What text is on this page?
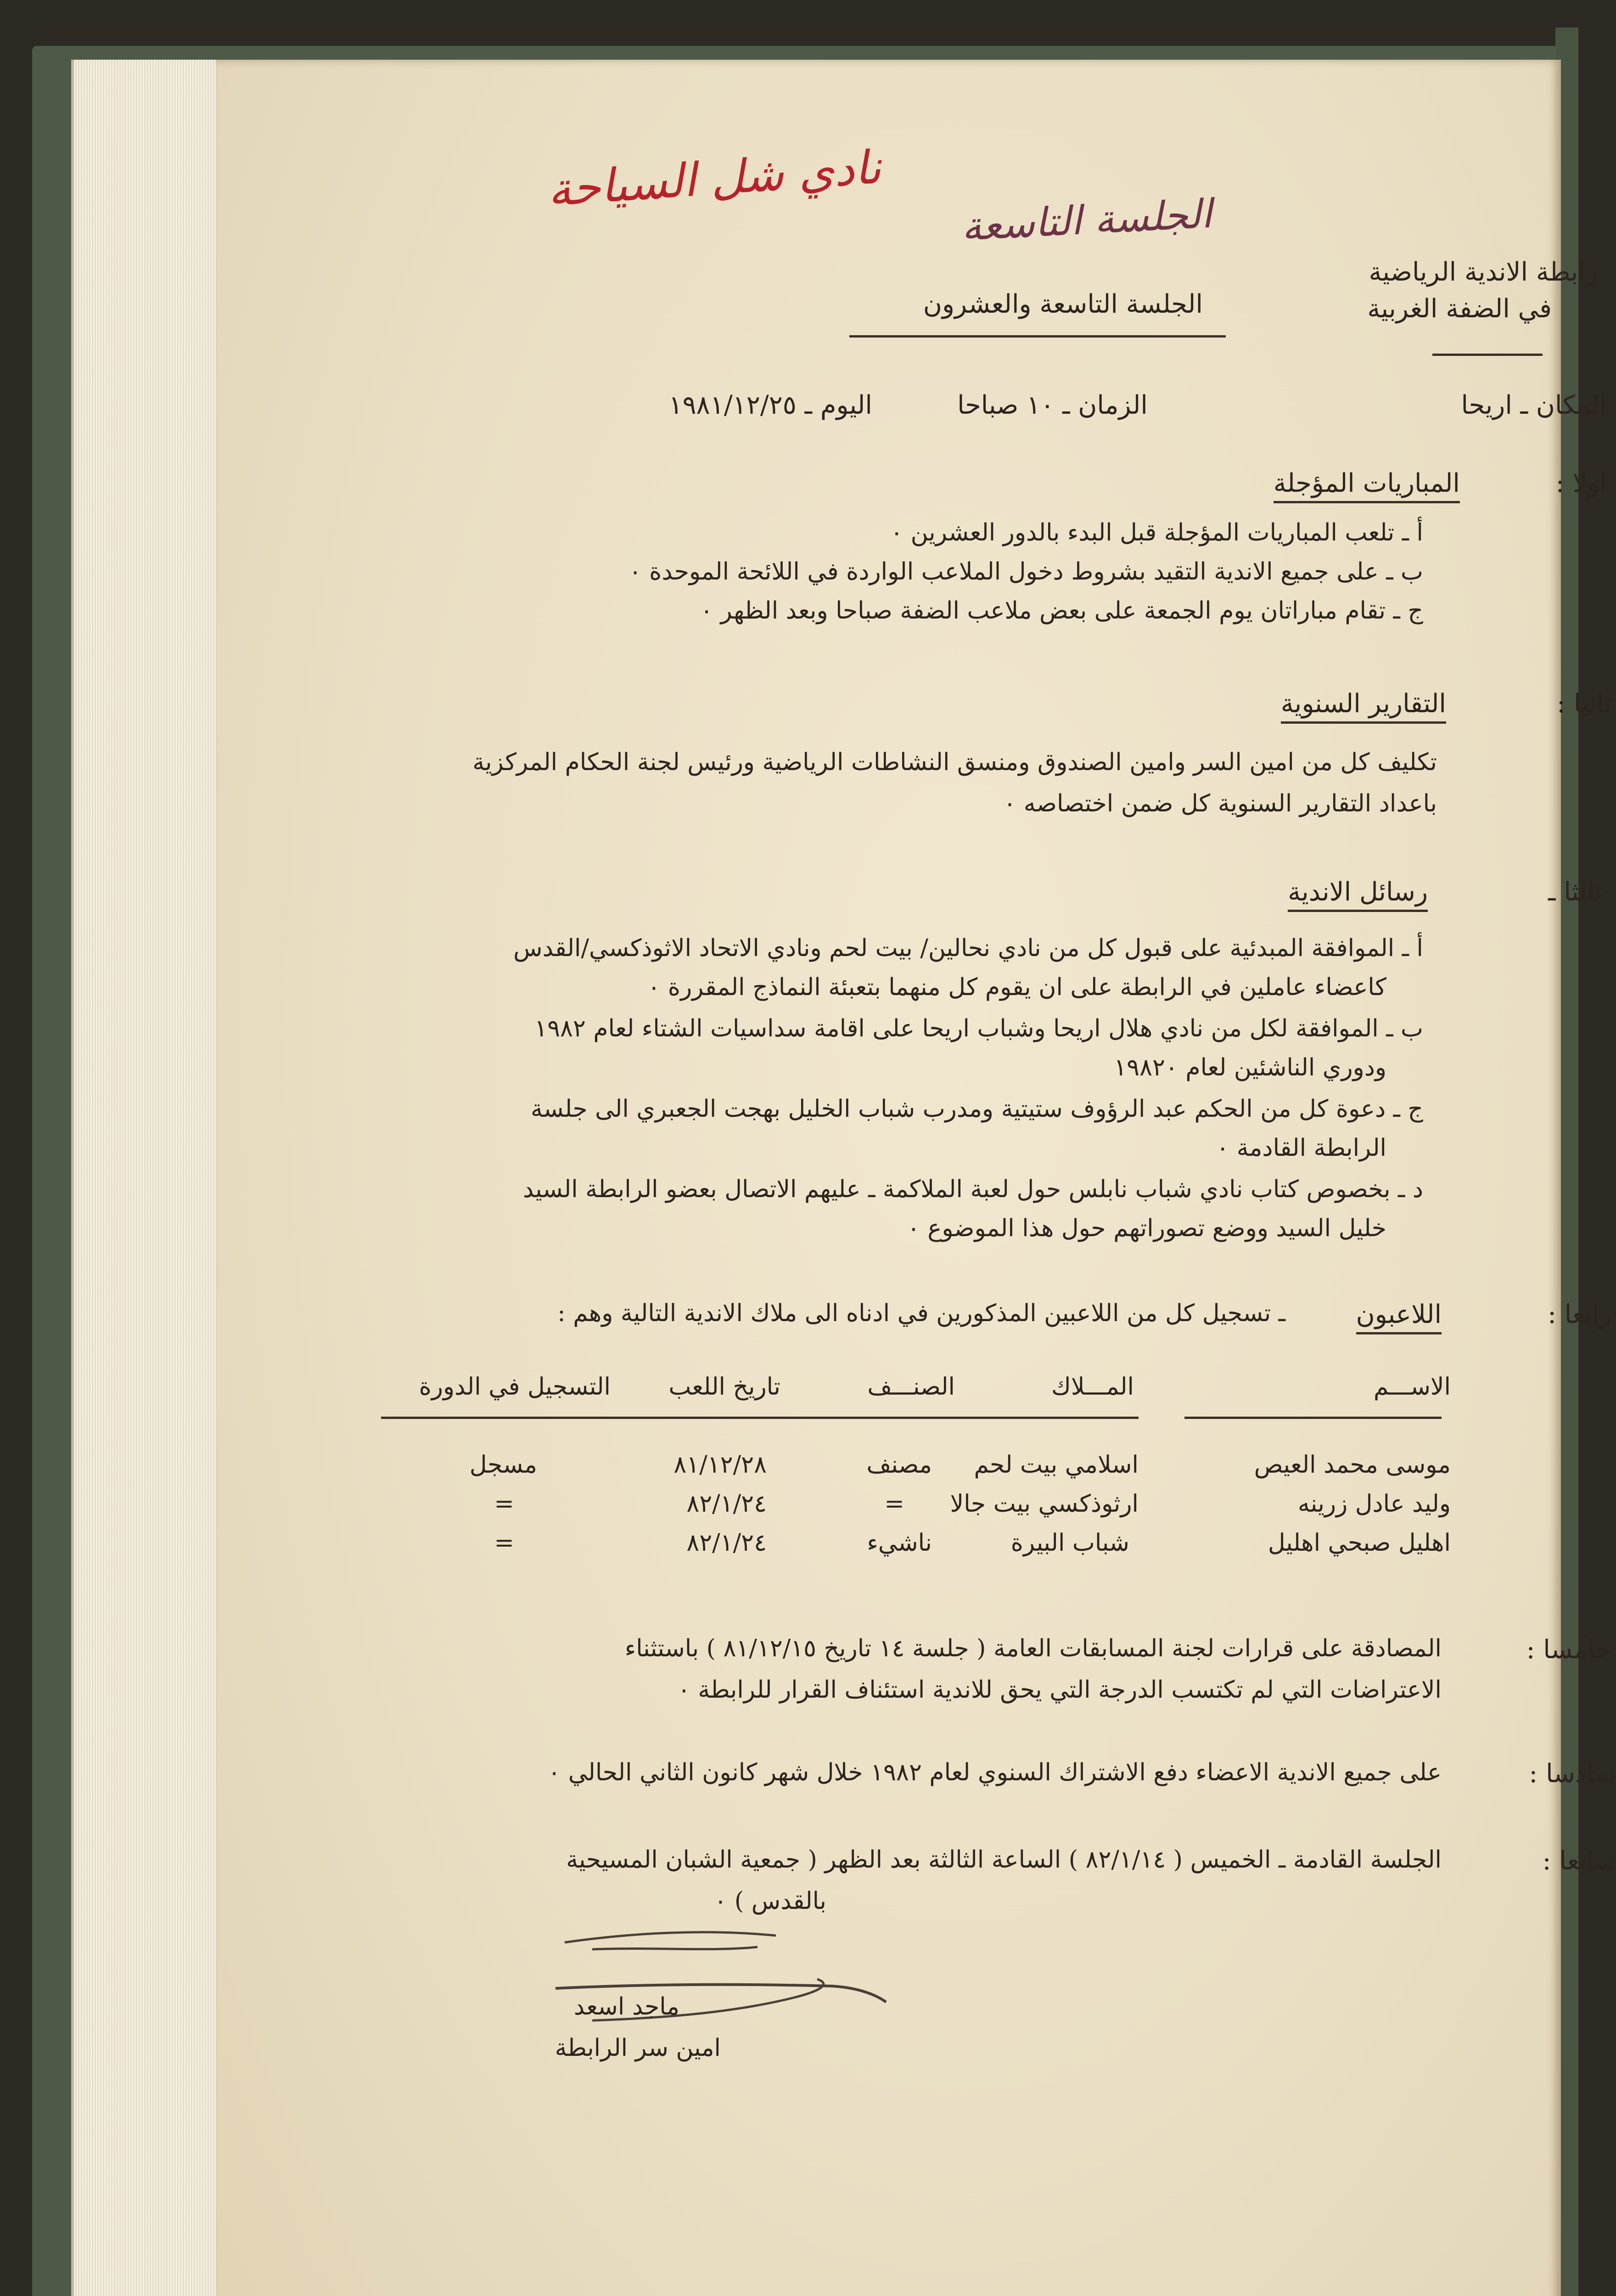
نادي شل السياحة
الجلسة التاسعة
رابطة الاندية الرياضية
في الضفة الغربية
الجلسة التاسعة والعشرون
المكان ـ اريحا
الزمان ـ ١٠ صباحا
اليوم ـ ١٩٨١/١٢/٢٥
اولا :
المباريات المؤجلة
أ ـ تلعب المباريات المؤجلة قبل البدء بالدور العشرين ٠
ب ـ على جميع الاندية التقيد بشروط دخول الملاعب الواردة في اللائحة الموحدة ٠
ج ـ تقام مباراتان يوم الجمعة على بعض ملاعب الضفة صباحا وبعد الظهر ٠
ثانيا :
التقارير السنوية
تكليف كل من امين السر وامين الصندوق ومنسق النشاطات الرياضية ورئيس لجنة الحكام المركزية
باعداد التقارير السنوية كل ضمن اختصاصه ٠
ثالثا ـ
رسائل الاندية
أ ـ الموافقة المبدئية على قبول كل من نادي نحالين/ بيت لحم ونادي الاتحاد الاثوذكسي/القدس
كاعضاء عاملين في الرابطة على ان يقوم كل منهما بتعبئة النماذج المقررة ٠
ب ـ الموافقة لكل من نادي هلال اريحا وشباب اريحا على اقامة سداسيات الشتاء لعام ١٩٨٢
ودوري الناشئين لعام ١٩٨٢٠
ج ـ دعوة كل من الحكم عبد الرؤوف ستيتية ومدرب شباب الخليل بهجت الجعبري الى جلسة
الرابطة القادمة ٠
د ـ بخصوص كتاب نادي شباب نابلس حول لعبة الملاكمة ـ عليهم الاتصال بعضو الرابطة السيد
خليل السيد ووضع تصوراتهم حول هذا الموضوع ٠
رابعا :
اللاعبون
ـ تسجيل كل من اللاعبين المذكورين في ادناه الى ملاك الاندية التالية وهم :
الاســـم
المـــلاك
الصنـــف
تاريخ اللعب
التسجيل في الدورة
موسى محمد العيص
اسلامي بيت لحم
مصنف
٨١/١٢/٢٨
مسجل
وليد عادل زرينه
ارثوذكسي بيت جالا
=
٨٢/١/٢٤
=
اهليل صبحي اهليل
شباب البيرة
ناشيء
٨٢/١/٢٤
=
خامسا :
المصادقة على قرارات لجنة المسابقات العامة ( جلسة ١٤ تاريخ ٨١/١٢/١٥ ) باستثناء
الاعتراضات التي لم تكتسب الدرجة التي يحق للاندية استئناف القرار للرابطة ٠
سادسا :
على جميع الاندية الاعضاء دفع الاشتراك السنوي لعام ١٩٨٢ خلال شهر كانون الثاني الحالي ٠
سابعا :
الجلسة القادمة ـ الخميس ( ٨٢/١/١٤ ) الساعة الثالثة بعد الظهر ( جمعية الشبان المسيحية
بالقدس ) ٠
ماجد اسعد
امين سر الرابطة
